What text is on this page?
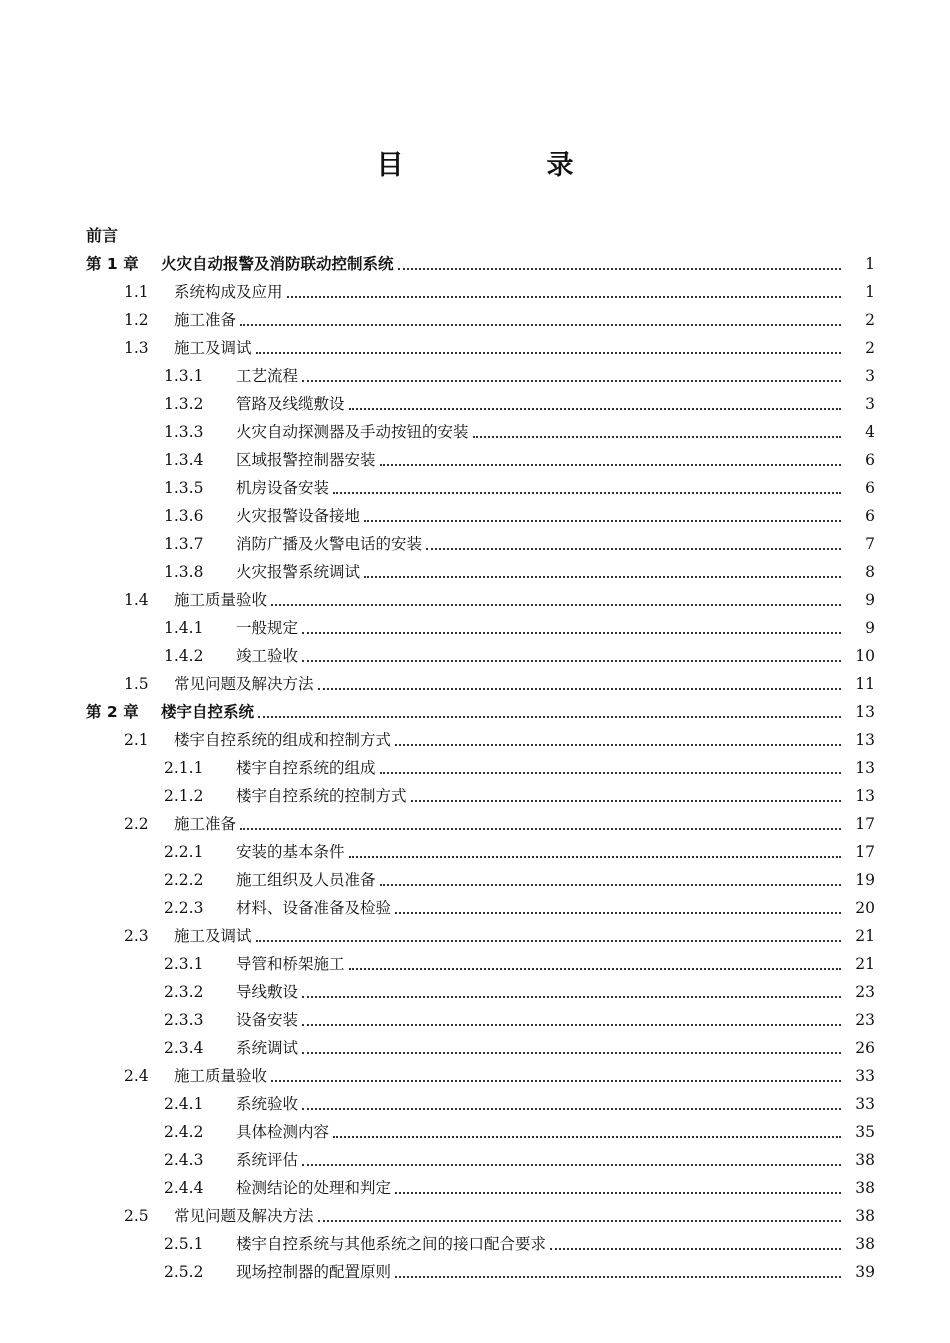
目　录
前言
第 1 章	火灾自动报警及消防联动控制系统	1
1.1	系统构成及应用	1
1.2	施工准备	2
1.3	施工及调试	2
1.3.1	工艺流程	3
1.3.2	管路及线缆敷设	3
1.3.3	火灾自动探测器及手动按钮的安装	4
1.3.4	区域报警控制器安装	6
1.3.5	机房设备安装	6
1.3.6	火灾报警设备接地	6
1.3.7	消防广播及火警电话的安装	7
1.3.8	火灾报警系统调试	8
1.4	施工质量验收	9
1.4.1	一般规定	9
1.4.2	竣工验收	10
1.5	常见问题及解决方法	11
第 2 章	楼宇自控系统	13
2.1	楼宇自控系统的组成和控制方式	13
2.1.1	楼宇自控系统的组成	13
2.1.2	楼宇自控系统的控制方式	13
2.2	施工准备	17
2.2.1	安装的基本条件	17
2.2.2	施工组织及人员准备	19
2.2.3	材料、设备准备及检验	20
2.3	施工及调试	21
2.3.1	导管和桥架施工	21
2.3.2	导线敷设	23
2.3.3	设备安装	23
2.3.4	系统调试	26
2.4	施工质量验收	33
2.4.1	系统验收	33
2.4.2	具体检测内容	35
2.4.3	系统评估	38
2.4.4	检测结论的处理和判定	38
2.5	常见问题及解决方法	38
2.5.1	楼宇自控系统与其他系统之间的接口配合要求	38
2.5.2	现场控制器的配置原则	39
